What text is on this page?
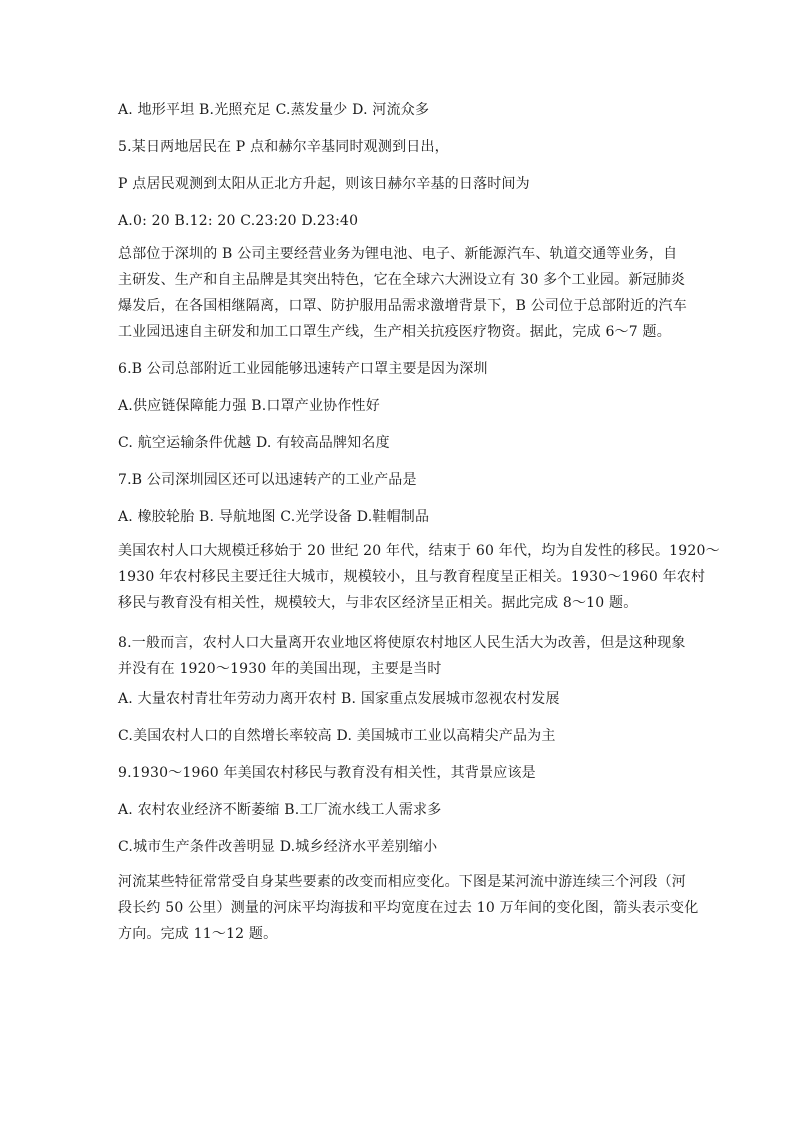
A. 地形平坦 B.光照充足 C.蒸发量少 D. 河流众多
5.某日两地居民在 P 点和赫尔辛基同时观测到日出，
P 点居民观测到太阳从正北方升起，则该日赫尔辛基的日落时间为
A.0: 20 B.12: 20 C.23:20 D.23:40
总部位于深圳的 B 公司主要经营业务为锂电池、电子、新能源汽车、轨道交通等业务，自
主研发、生产和自主品牌是其突出特色，它在全球六大洲设立有 30 多个工业园。新冠肺炎
爆发后，在各国相继隔离，口罩、防护服用品需求激增背景下，B 公司位于总部附近的汽车
工业园迅速自主研发和加工口罩生产线，生产相关抗疫医疗物资。据此，完成 6～7 题。
6.B 公司总部附近工业园能够迅速转产口罩主要是因为深圳
A.供应链保障能力强 B.口罩产业协作性好
C. 航空运输条件优越 D. 有较高品牌知名度
7.B 公司深圳园区还可以迅速转产的工业产品是
A. 橡胶轮胎 B. 导航地图 C.光学设备 D.鞋帽制品
美国农村人口大规模迁移始于 20 世纪 20 年代，结束于 60 年代，均为自发性的移民。1920～
1930 年农村移民主要迁往大城市，规模较小，且与教育程度呈正相关。1930～1960 年农村
移民与教育没有相关性，规模较大，与非农区经济呈正相关。据此完成 8～10 题。
8.一般而言，农村人口大量离开农业地区将使原农村地区人民生活大为改善，但是这种现象
并没有在 1920～1930 年的美国出现，主要是当时
A. 大量农村青壮年劳动力离开农村 B. 国家重点发展城市忽视农村发展
C.美国农村人口的自然增长率较高 D. 美国城市工业以高精尖产品为主
9.1930～1960 年美国农村移民与教育没有相关性，其背景应该是
A. 农村农业经济不断萎缩 B.工厂流水线工人需求多
C.城市生产条件改善明显 D.城乡经济水平差别缩小
河流某些特征常常受自身某些要素的改变而相应变化。下图是某河流中游连续三个河段（河
段长约 50 公里）测量的河床平均海拔和平均宽度在过去 10 万年间的变化图，箭头表示变化
方向。完成 11～12 题。
